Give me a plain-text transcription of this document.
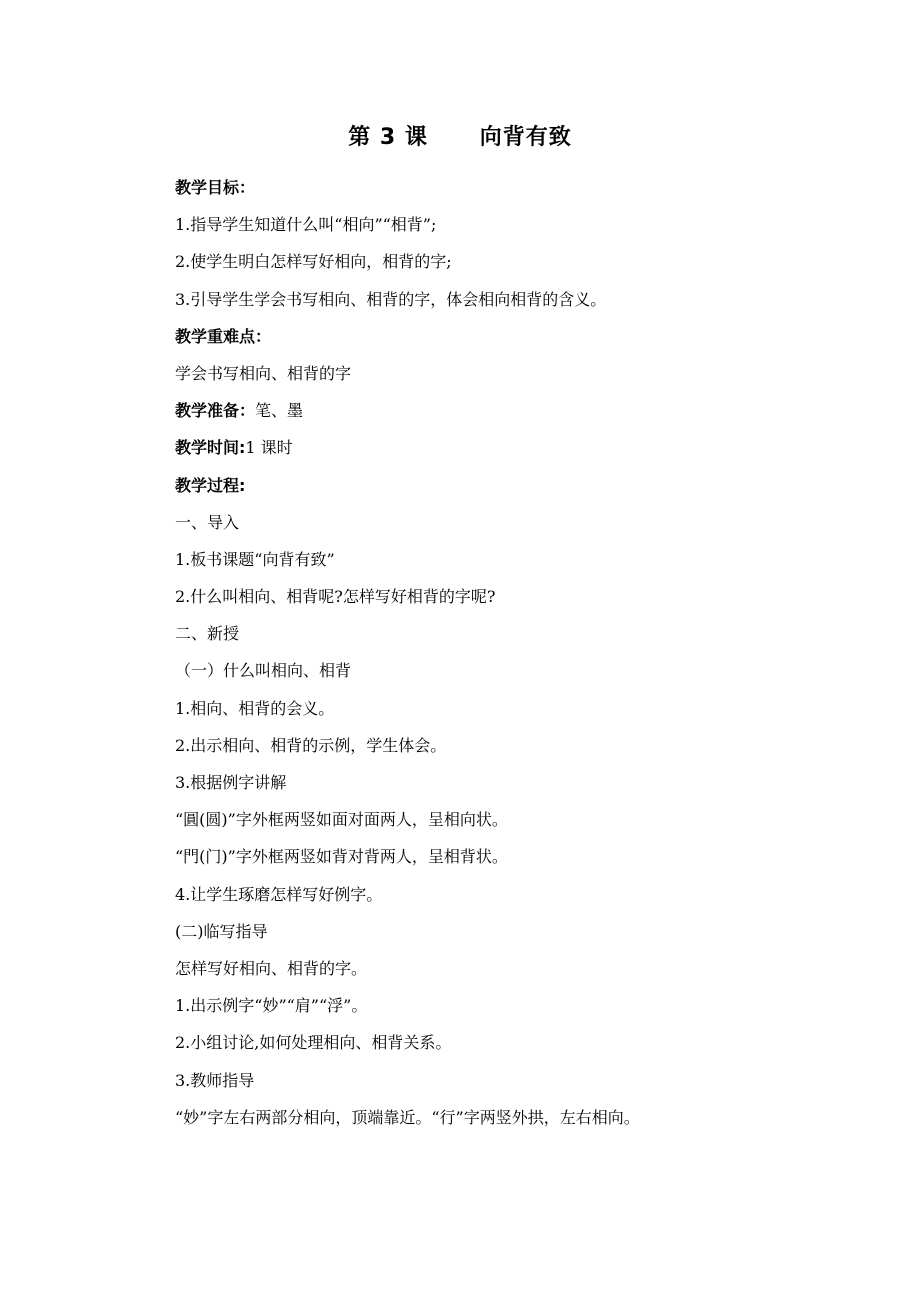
第 3 课      向背有致
教学目标：
1.指导学生知道什么叫“相向”“相背”;
2.使学生明白怎样写好相向，相背的字;
3.引导学生学会书写相向、相背的字，体会相向相背的含义。
教学重难点：
学会书写相向、相背的字
教学准备：笔、墨
教学时间:1 课时
教学过程:
一、导入
1.板书课题“向背有致”
2.什么叫相向、相背呢?怎样写好相背的字呢?
二、新授
（一）什么叫相向、相背
1.相向、相背的会义。
2.出示相向、相背的示例，学生体会。
3.根据例字讲解
“圓(圆)”字外框两竖如面对面两人，呈相向状。
“門(门)”字外框两竖如背对背两人，呈相背状。
4.让学生琢磨怎样写好例字。
(二)临写指导
怎样写好相向、相背的字。
1.出示例字“妙”“肩”“浮”。
2.小组讨论,如何处理相向、相背关系。
3.教师指导
“妙”字左右两部分相向，顶端靠近。“行”字两竖外拱，左右相向。
